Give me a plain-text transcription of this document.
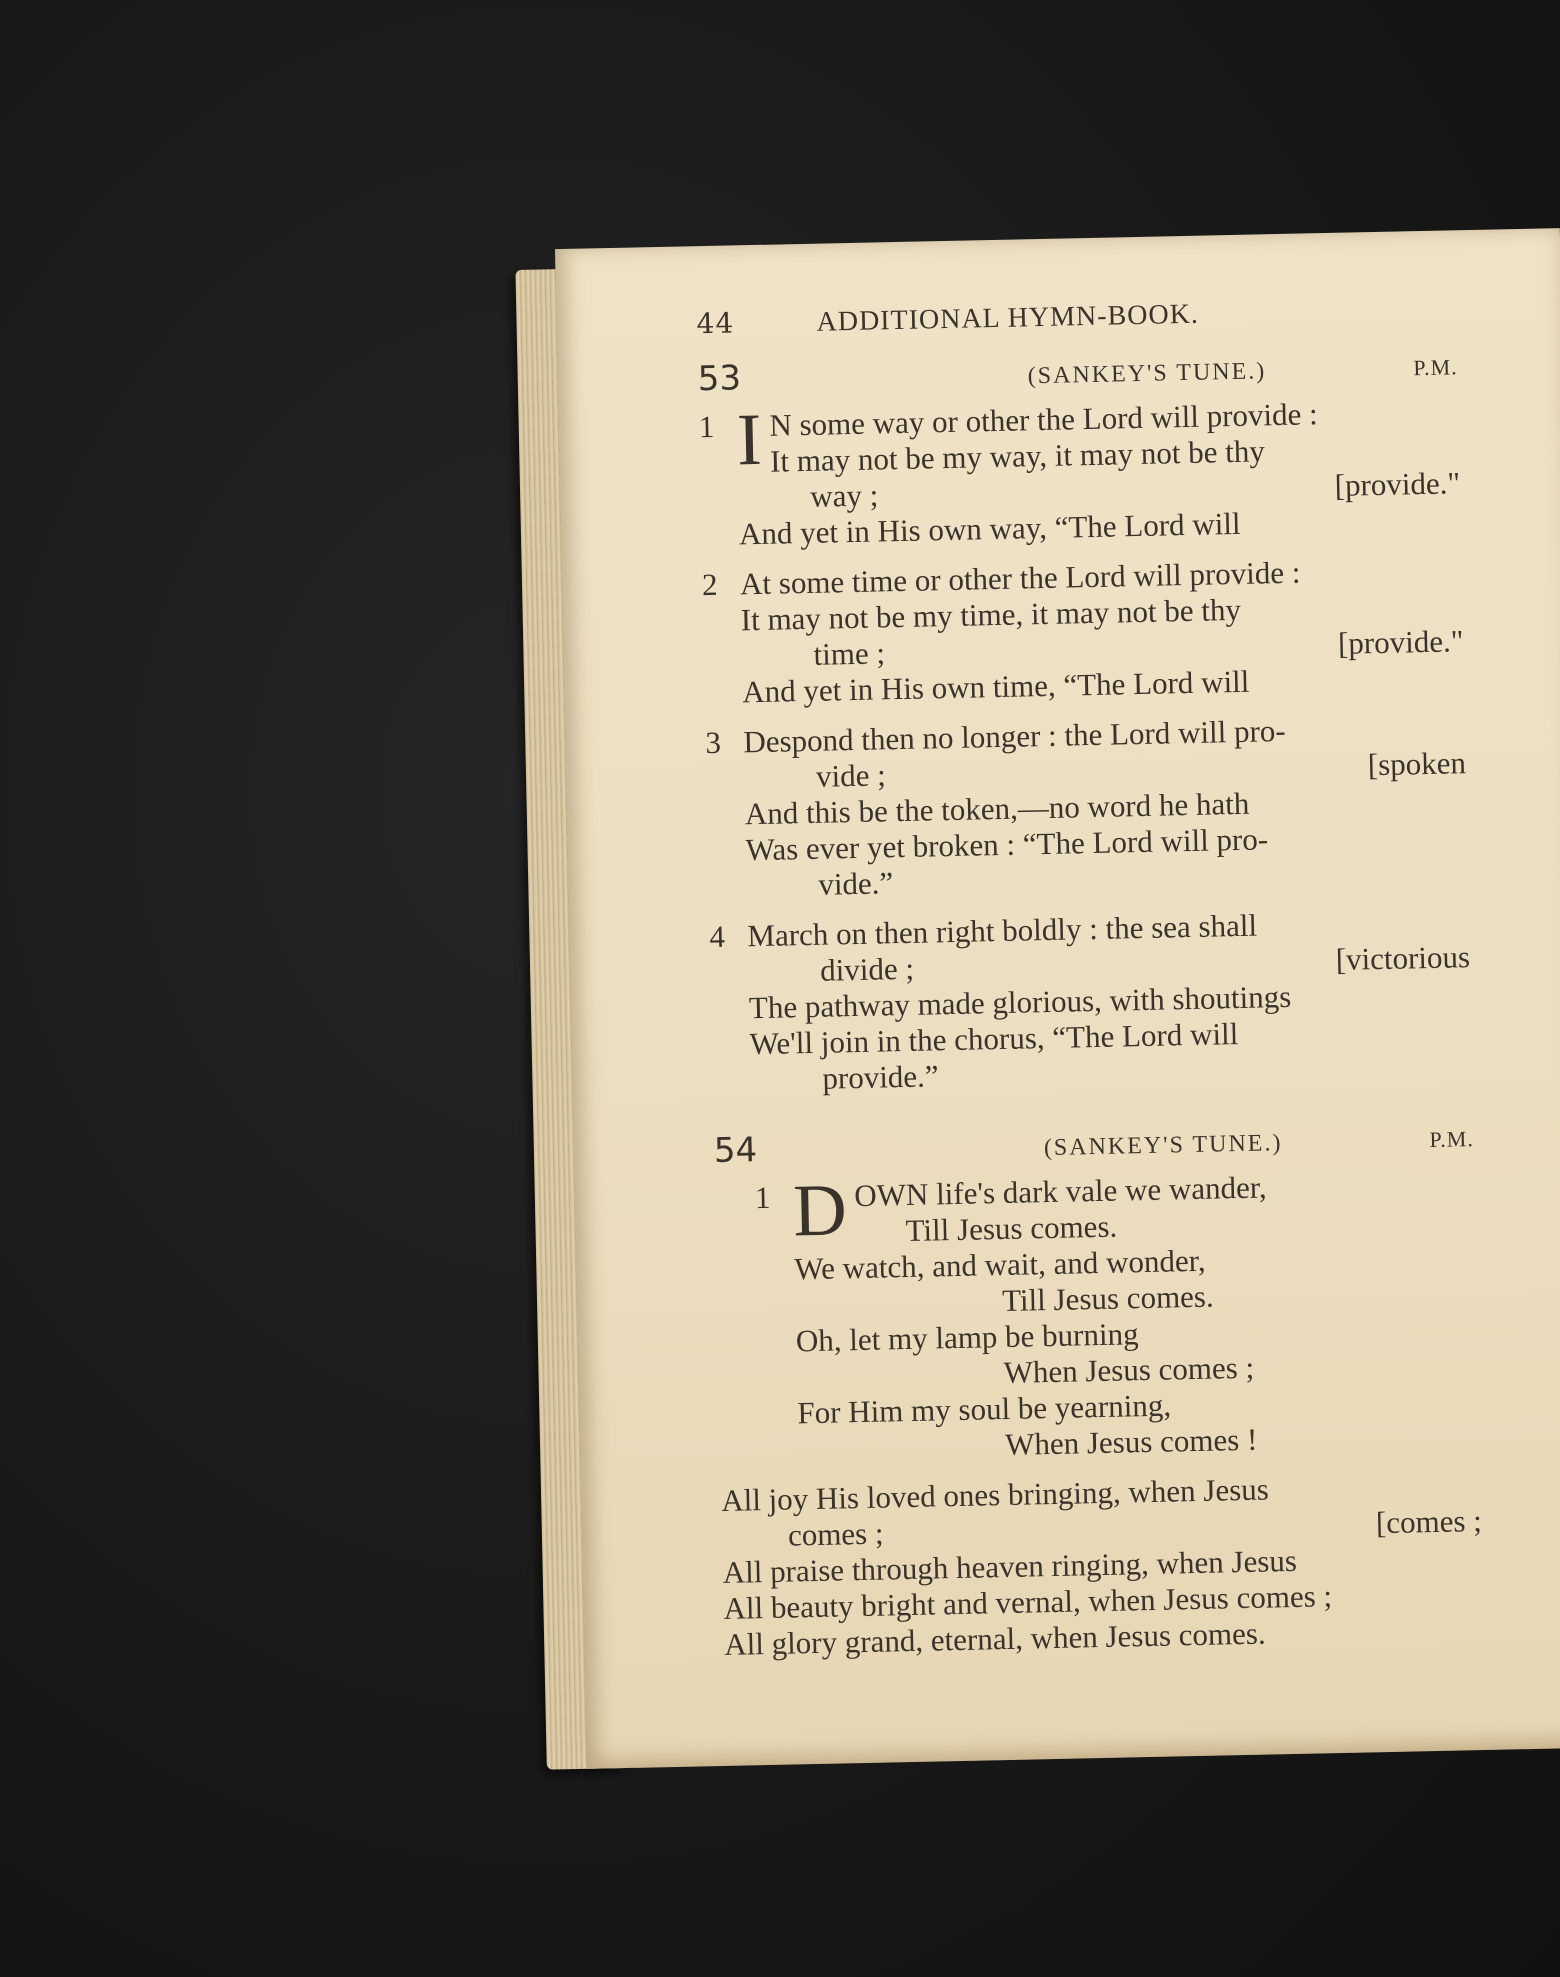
44	ADDITIONAL HYMN-BOOK.
53	(SANKEY'S TUNE.)	P.M.
1 I N some way or other the Lord will provide :
It may not be my way, it may not be thy
way ;	[provide."
And yet in His own way, “The Lord will
2 At some time or other the Lord will provide :
It may not be my time, it may not be thy
time ;	[provide."
And yet in His own time, “The Lord will
3 Despond then no longer : the Lord will pro-
vide ;	[spoken
And this be the token,—no word he hath
Was ever yet broken : “The Lord will pro-
vide.”
4 March on then right boldly : the sea shall
divide ;	[victorious
The pathway made glorious, with shoutings
We'll join in the chorus, “The Lord will
provide.”
54	(SANKEY'S TUNE.)	P.M.
1 D OWN life's dark vale we wander,
Till Jesus comes.
We watch, and wait, and wonder,
Till Jesus comes.
Oh, let my lamp be burning
When Jesus comes ;
For Him my soul be yearning,
When Jesus comes !
All joy His loved ones bringing, when Jesus
comes ;	[comes ;
All praise through heaven ringing, when Jesus
All beauty bright and vernal, when Jesus comes ;
All glory grand, eternal, when Jesus comes.
